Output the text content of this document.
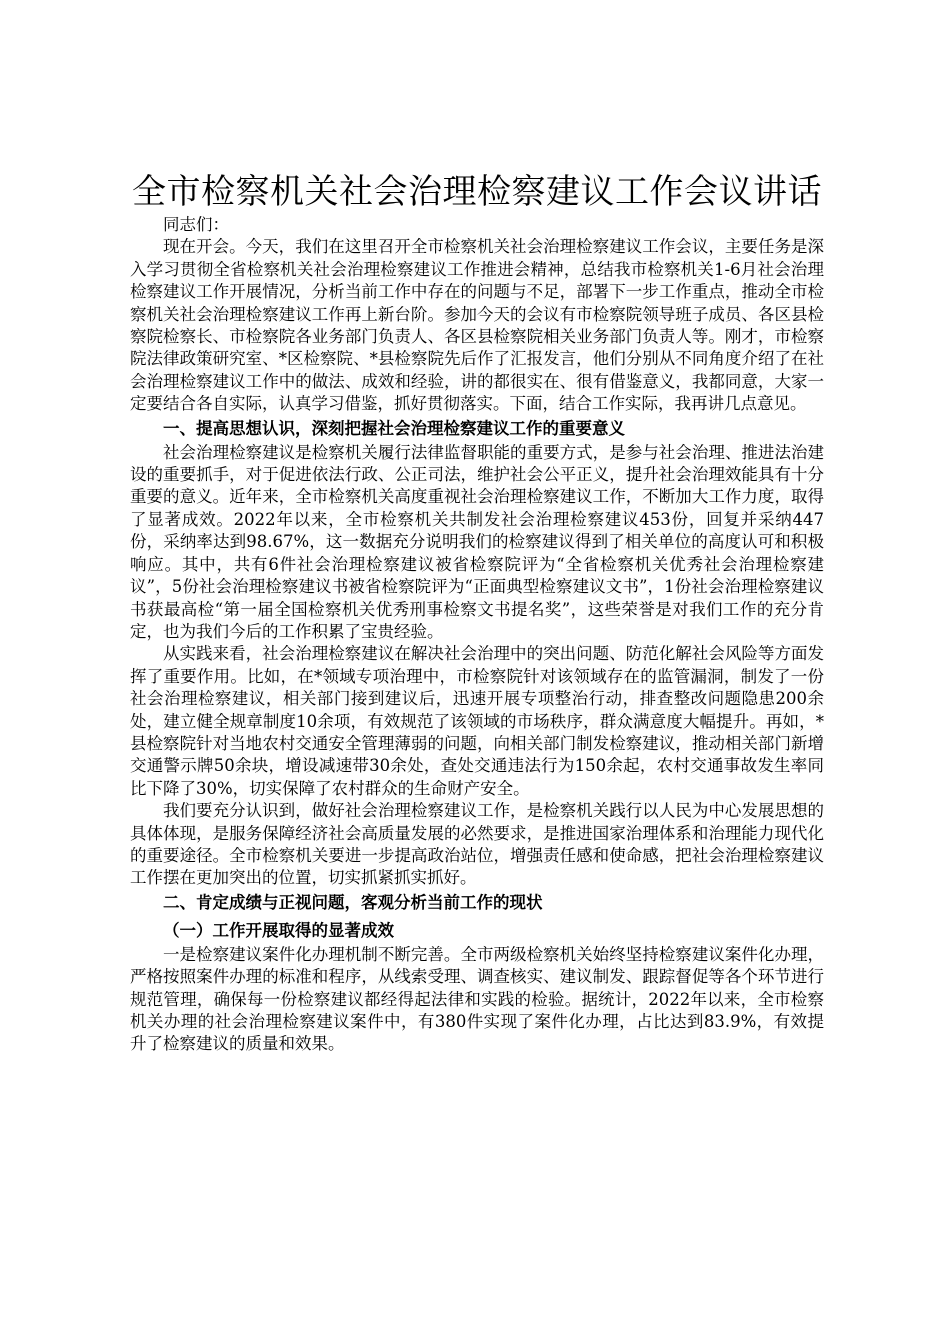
全市检察机关社会治理检察建议工作会议讲话

同志们：

现在开会。今天，我们在这里召开全市检察机关社会治理检察建议工作会议，主要任务是深入学习贯彻全省检察机关社会治理检察建议工作推进会精神，总结我市检察机关1-6月社会治理检察建议工作开展情况，分析当前工作中存在的问题与不足，部署下一步工作重点，推动全市检察机关社会治理检察建议工作再上新台阶。参加今天的会议有市检察院领导班子成员、各区县检察院检察长、市检察院各业务部门负责人、各区县检察院相关业务部门负责人等。刚才，市检察院法律政策研究室、*区检察院、*县检察院先后作了汇报发言，他们分别从不同角度介绍了在社会治理检察建议工作中的做法、成效和经验，讲的都很实在、很有借鉴意义，我都同意，大家一定要结合各自实际，认真学习借鉴，抓好贯彻落实。下面，结合工作实际，我再讲几点意见。

一、提高思想认识，深刻把握社会治理检察建议工作的重要意义

社会治理检察建议是检察机关履行法律监督职能的重要方式，是参与社会治理、推进法治建设的重要抓手，对于促进依法行政、公正司法，维护社会公平正义，提升社会治理效能具有十分重要的意义。近年来，全市检察机关高度重视社会治理检察建议工作，不断加大工作力度，取得了显著成效。2022年以来，全市检察机关共制发社会治理检察建议453份，回复并采纳447份，采纳率达到98.67%，这一数据充分说明我们的检察建议得到了相关单位的高度认可和积极响应。其中，共有6件社会治理检察建议被省检察院评为“全省检察机关优秀社会治理检察建议”，5份社会治理检察建议书被省检察院评为“正面典型检察建议文书”，1份社会治理检察建议书获最高检“第一届全国检察机关优秀刑事检察文书提名奖”，这些荣誉是对我们工作的充分肯定，也为我们今后的工作积累了宝贵经验。

从实践来看，社会治理检察建议在解决社会治理中的突出问题、防范化解社会风险等方面发挥了重要作用。比如，在*领域专项治理中，市检察院针对该领域存在的监管漏洞，制发了一份社会治理检察建议，相关部门接到建议后，迅速开展专项整治行动，排查整改问题隐患200余处，建立健全规章制度10余项，有效规范了该领域的市场秩序，群众满意度大幅提升。再如，*县检察院针对当地农村交通安全管理薄弱的问题，向相关部门制发检察建议，推动相关部门新增交通警示牌50余块，增设减速带30余处，查处交通违法行为150余起，农村交通事故发生率同比下降了30%，切实保障了农村群众的生命财产安全。

我们要充分认识到，做好社会治理检察建议工作，是检察机关践行以人民为中心发展思想的具体体现，是服务保障经济社会高质量发展的必然要求，是推进国家治理体系和治理能力现代化的重要途径。全市检察机关要进一步提高政治站位，增强责任感和使命感，把社会治理检察建议工作摆在更加突出的位置，切实抓紧抓实抓好。

二、肯定成绩与正视问题，客观分析当前工作的现状

（一）工作开展取得的显著成效

一是检察建议案件化办理机制不断完善。全市两级检察机关始终坚持检察建议案件化办理，严格按照案件办理的标准和程序，从线索受理、调查核实、建议制发、跟踪督促等各个环节进行规范管理，确保每一份检察建议都经得起法律和实践的检验。据统计，2022年以来，全市检察机关办理的社会治理检察建议案件中，有380件实现了案件化办理，占比达到83.9%，有效提升了检察建议的质量和效果。
